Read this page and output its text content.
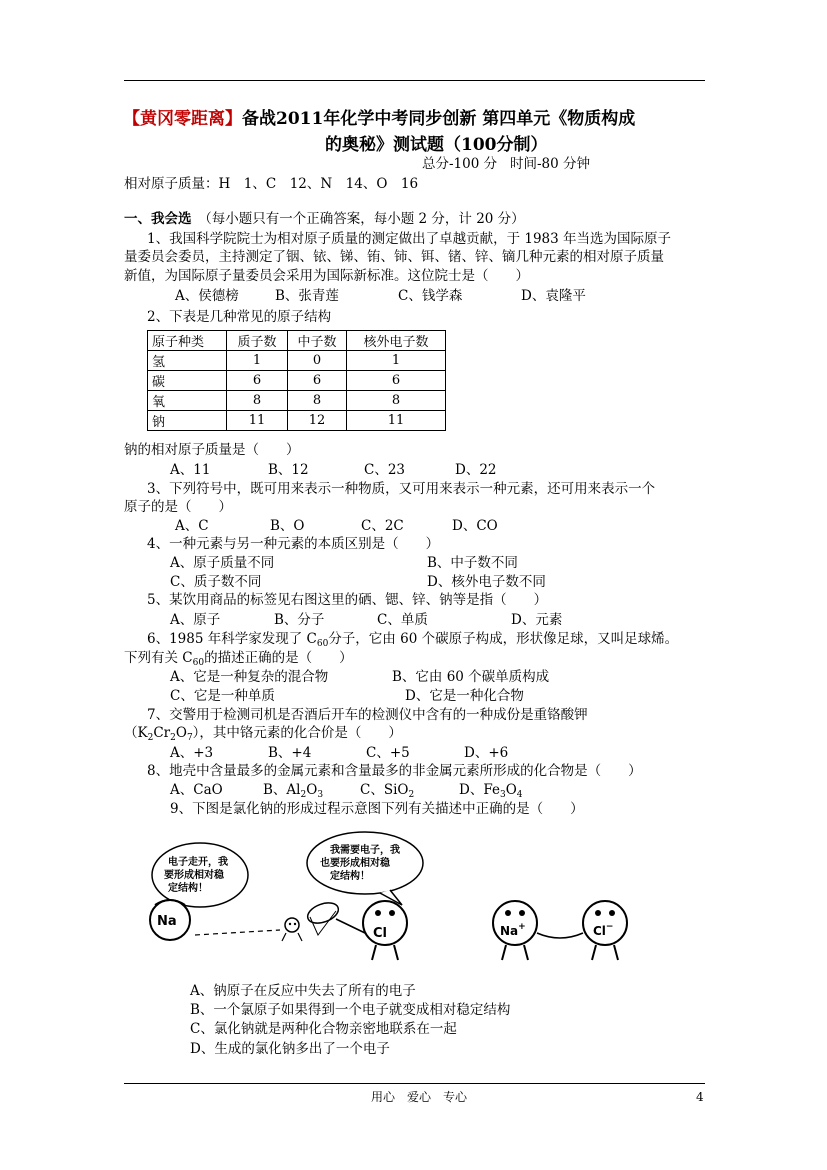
【黄冈零距离】备战2011年化学中考同步创新 第四单元《物质构成
的奥秘》测试题（100分制）
总分-100 分 时间-80 分钟
相对原子质量：H　1、C　12、N　14、O　16
一、我会选　 （每小题只有一个正确答案，每小题 2 分，计 20 分）
1、我国科学院院士为相对原子质量的测定做出了卓越贡献，于 1983 年当选为国际原子
量委员会委员，主持测定了铟、铱、锑、铕、铈、铒、锗、锌、镝几种元素的相对原子质量
新值，为国际原子量委员会采用为国际新标准。这位院士是（　　）
A、侯德榜	B、张青莲	C、钱学森	D、袁隆平
2、下表是几种常见的原子结构
原子种类	质子数	中子数	核外电子数
氢	1	0	1
碳	6	6	6
氧	8	8	8
钠	11	12	11
钠的相对原子质量是（　　）
A、11	B、12	C、23	D、22
3、下列符号中，既可用来表示一种物质，又可用来表示一种元素，还可用来表示一个
原子的是（　　）
A、C	B、O	C、2C	D、CO
4、一种元素与另一种元素的本质区别是（　　）
A、原子质量不同	B、中子数不同
C、质子数不同	D、核外电子数不同
5、某饮用商品的标签见右图这里的硒、锶、锌、钠等是指（　　）
A、原子	B、分子	C、单质	D、元素
6、1985 年科学家发现了 $C_{60}$分子，它由 60 个碳原子构成，形状像足球，又叫足球烯。
下列有关 $C_{60}$的描述正确的是（　　）
A、它是一种复杂的混合物	B、它由 60 个碳单质构成
C、它是一种单质	D、它是一种化合物
7、交警用于检测司机是否酒后开车的检测仪中含有的一种成份是重铬酸钾
$(K_2Cr_2O_7)$，其中铬元素的化合价是（　　）
A、+3	B、+4	C、+5	D、+6
8、地壳中含量最多的金属元素和含量最多的非金属元素所形成的化合物是（　　）
A、CaO	B、$Al_2O_3$	C、SiO$_2$	D、$Fe_3O_4$
9、下图是氯化钠的形成过程示意图下列有关描述中正确的是（　　）
电子走开，我
要形成相对稳
定结构！
我需要电子，我
也要形成相对稳
定结构！
Na
Cl	Na+	Cl−
A、钠原子在反应中失去了所有的电子
B、一个氯原子如果得到一个电子就变成相对稳定结构
C、氯化钠就是两种化合物亲密地联系在一起
D、生成的氯化钠多出了一个电子
用心　爱心　专心	4
